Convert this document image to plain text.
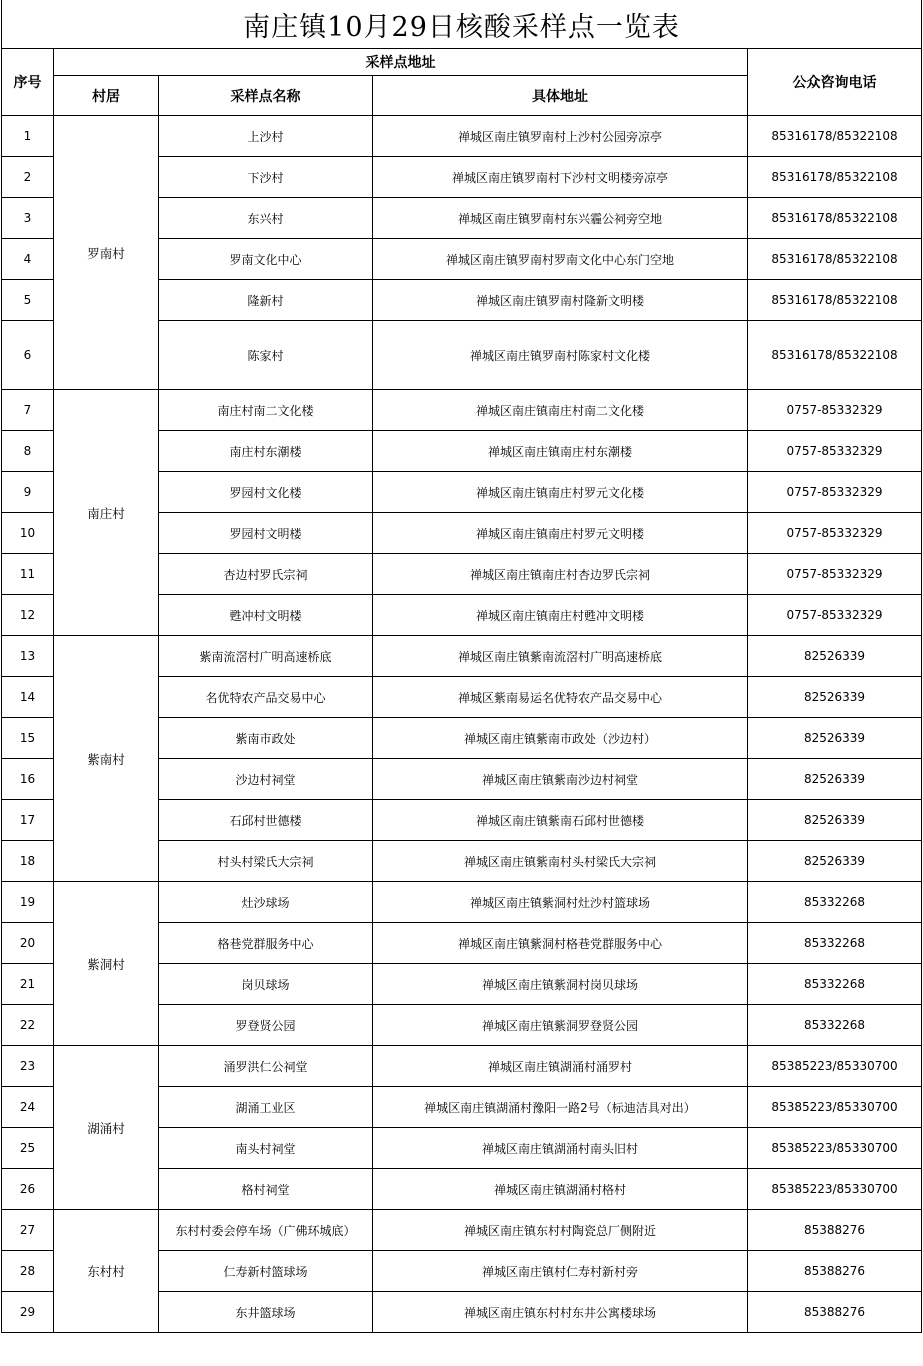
南庄镇10月29日核酸采样点一览表				
序号	采样点地址			公众咨询电话
	村居	采样点名称	具体地址	
1	罗南村	上沙村	禅城区南庄镇罗南村上沙村公园旁凉亭	85316178/85322108
2		下沙村	禅城区南庄镇罗南村下沙村文明楼旁凉亭	85316178/85322108
3		东兴村	禅城区南庄镇罗南村东兴霾公祠旁空地	85316178/85322108
4		罗南文化中心	禅城区南庄镇罗南村罗南文化中心东门空地	85316178/85322108
5		隆新村	禅城区南庄镇罗南村隆新文明楼	85316178/85322108
6		陈家村	禅城区南庄镇罗南村陈家村文化楼	85316178/85322108
7	南庄村	南庄村南二文化楼	禅城区南庄镇南庄村南二文化楼	0757-85332329
8		南庄村东潮楼	禅城区南庄镇南庄村东潮楼	0757-85332329
9		罗园村文化楼	禅城区南庄镇南庄村罗元文化楼	0757-85332329
10		罗园村文明楼	禅城区南庄镇南庄村罗元文明楼	0757-85332329
11		杏边村罗氏宗祠	禅城区南庄镇南庄村杏边罗氏宗祠	0757-85332329
12		甦冲村文明楼	禅城区南庄镇南庄村甦冲文明楼	0757-85332329
13	紫南村	紫南流滘村广明高速桥底	禅城区南庄镇紫南流滘村广明高速桥底	82526339
14		名优特农产品交易中心	禅城区紫南易运名优特农产品交易中心	82526339
15		紫南市政处	禅城区南庄镇紫南市政处（沙边村）	82526339
16		沙边村祠堂	禅城区南庄镇紫南沙边村祠堂	82526339
17		石邱村世德楼	禅城区南庄镇紫南石邱村世德楼	82526339
18		村头村梁氏大宗祠	禅城区南庄镇紫南村头村梁氏大宗祠	82526339
19	紫洞村	灶沙球场	禅城区南庄镇紫洞村灶沙村篮球场	85332268
20		格巷党群服务中心	禅城区南庄镇紫洞村格巷党群服务中心	85332268
21		岗贝球场	禅城区南庄镇紫洞村岗贝球场	85332268
22		罗登贤公园	禅城区南庄镇紫洞罗登贤公园	85332268
23	湖涌村	涌罗洪仁公祠堂	禅城区南庄镇湖涌村涌罗村	85385223/85330700
24		湖涌工业区	禅城区南庄镇湖涌村豫阳一路2号（标迪洁具对出）	85385223/85330700
25		南头村祠堂	禅城区南庄镇湖涌村南头旧村	85385223/85330700
26		格村祠堂	禅城区南庄镇湖涌村格村	85385223/85330700
27	东村村	东村村委会停车场（广佛环城底）	禅城区南庄镇东村村陶瓷总厂侧附近	85388276
28		仁寿新村篮球场	禅城区南庄镇村仁寿村新村旁	85388276
29		东井篮球场	禅城区南庄镇东村村东井公寓楼球场	85388276
